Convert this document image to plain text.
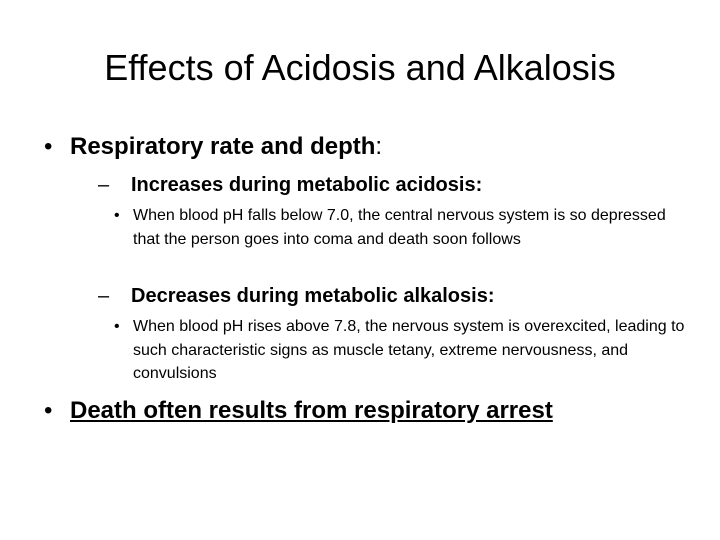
Effects of Acidosis and Alkalosis
• Respiratory rate and depth:
– Increases during metabolic acidosis:
• When blood pH falls below 7.0, the central nervous system is so depressed that the person goes into coma and death soon follows
– Decreases during metabolic alkalosis:
• When blood pH rises above 7.8, the nervous system is overexcited, leading to such characteristic signs as muscle tetany, extreme nervousness, and convulsions
• Death often results from respiratory arrest
